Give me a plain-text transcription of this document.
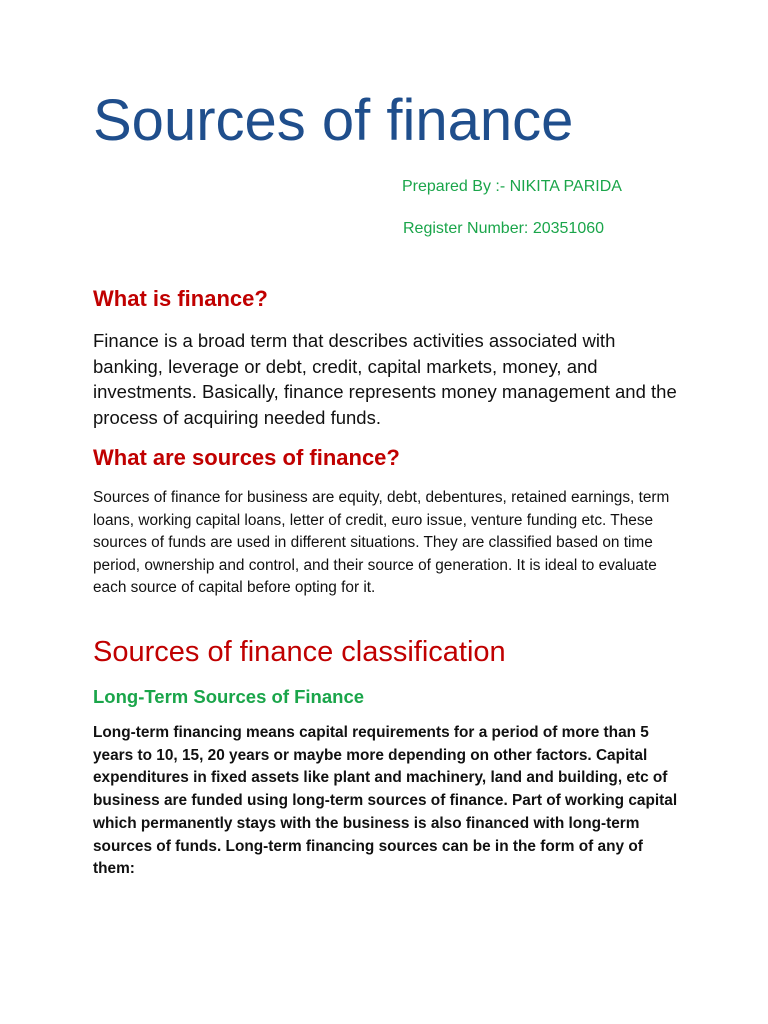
Sources of finance

Prepared By :- NIKITA PARIDA

Register Number: 20351060

What is finance?

Finance is a broad term that describes activities associated with banking, leverage or debt, credit, capital markets, money, and investments. Basically, finance represents money management and the process of acquiring needed funds.

What are sources of finance?

Sources of finance for business are equity, debt, debentures, retained earnings, term loans, working capital loans, letter of credit, euro issue, venture funding etc. These sources of funds are used in different situations. They are classified based on time period, ownership and control, and their source of generation. It is ideal to evaluate each source of capital before opting for it.

Sources of finance classification
Long-Term Sources of Finance

Long-term financing means capital requirements for a period of more than 5 years to 10, 15, 20 years or maybe more depending on other factors. Capital expenditures in fixed assets like plant and machinery, land and building, etc of business are funded using long-term sources of finance. Part of working capital which permanently stays with the business is also financed with long-term sources of funds. Long-term financing sources can be in the form of any of them:
